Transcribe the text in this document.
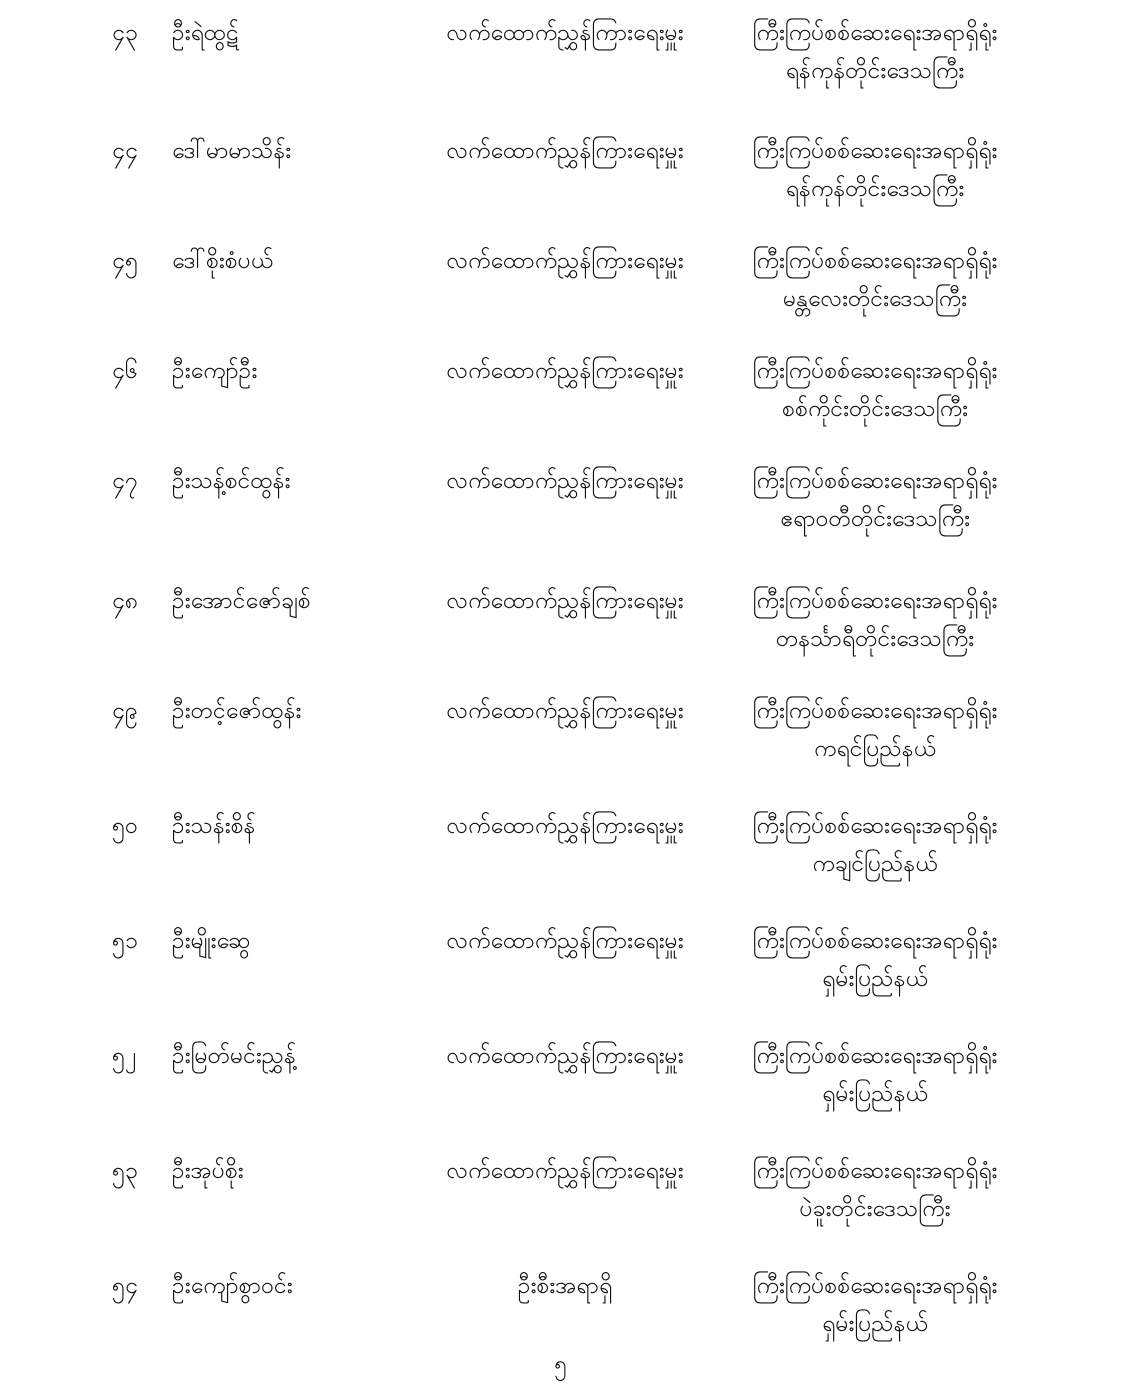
၄၃	ဦးရဲထွဋ်	လက်ထောက်ညွှန်ကြားရေးမှူး	ကြီးကြပ်စစ်ဆေးရေးအရာရှိရုံး
ရန်ကုန်တိုင်းဒေသကြီး
၄၄	ဒေါ်မာမာသိန်း	လက်ထောက်ညွှန်ကြားရေးမှူး	ကြီးကြပ်စစ်ဆေးရေးအရာရှိရုံး
ရန်ကုန်တိုင်းဒေသကြီး
၄၅	ဒေါ်စိုးစံပယ်	လက်ထောက်ညွှန်ကြားရေးမှူး	ကြီးကြပ်စစ်ဆေးရေးအရာရှိရုံး
မန္တလေးတိုင်းဒေသကြီး
၄၆	ဦးကျော်ဦး	လက်ထောက်ညွှန်ကြားရေးမှူး	ကြီးကြပ်စစ်ဆေးရေးအရာရှိရုံး
စစ်ကိုင်းတိုင်းဒေသကြီး
၄၇	ဦးသန့်စင်ထွန်း	လက်ထောက်ညွှန်ကြားရေးမှူး	ကြီးကြပ်စစ်ဆေးရေးအရာရှိရုံး
ဧရာဝတီတိုင်းဒေသကြီး
၄၈	ဦးအောင်ဇော်ချစ်	လက်ထောက်ညွှန်ကြားရေးမှူး	ကြီးကြပ်စစ်ဆေးရေးအရာရှိရုံး
တနင်္သာရီတိုင်းဒေသကြီး
၄၉	ဦးတင့်ဇော်ထွန်း	လက်ထောက်ညွှန်ကြားရေးမှူး	ကြီးကြပ်စစ်ဆေးရေးအရာရှိရုံး
ကရင်ပြည်နယ်
၅၀	ဦးသန်းစိန်	လက်ထောက်ညွှန်ကြားရေးမှူး	ကြီးကြပ်စစ်ဆေးရေးအရာရှိရုံး
ကချင်ပြည်နယ်
၅၁	ဦးမျိုးဆွေ	လက်ထောက်ညွှန်ကြားရေးမှူး	ကြီးကြပ်စစ်ဆေးရေးအရာရှိရုံး
ရှမ်းပြည်နယ်
၅၂	ဦးမြတ်မင်းညွှန့်	လက်ထောက်ညွှန်ကြားရေးမှူး	ကြီးကြပ်စစ်ဆေးရေးအရာရှိရုံး
ရှမ်းပြည်နယ်
၅၃	ဦးအုပ်စိုး	လက်ထောက်ညွှန်ကြားရေးမှူး	ကြီးကြပ်စစ်ဆေးရေးအရာရှိရုံး
ပဲခူးတိုင်းဒေသကြီး
၅၄	ဦးကျော်စွာဝင်း	ဦးစီးအရာရှိ	ကြီးကြပ်စစ်ဆေးရေးအရာရှိရုံး
ရှမ်းပြည်နယ်
၅
